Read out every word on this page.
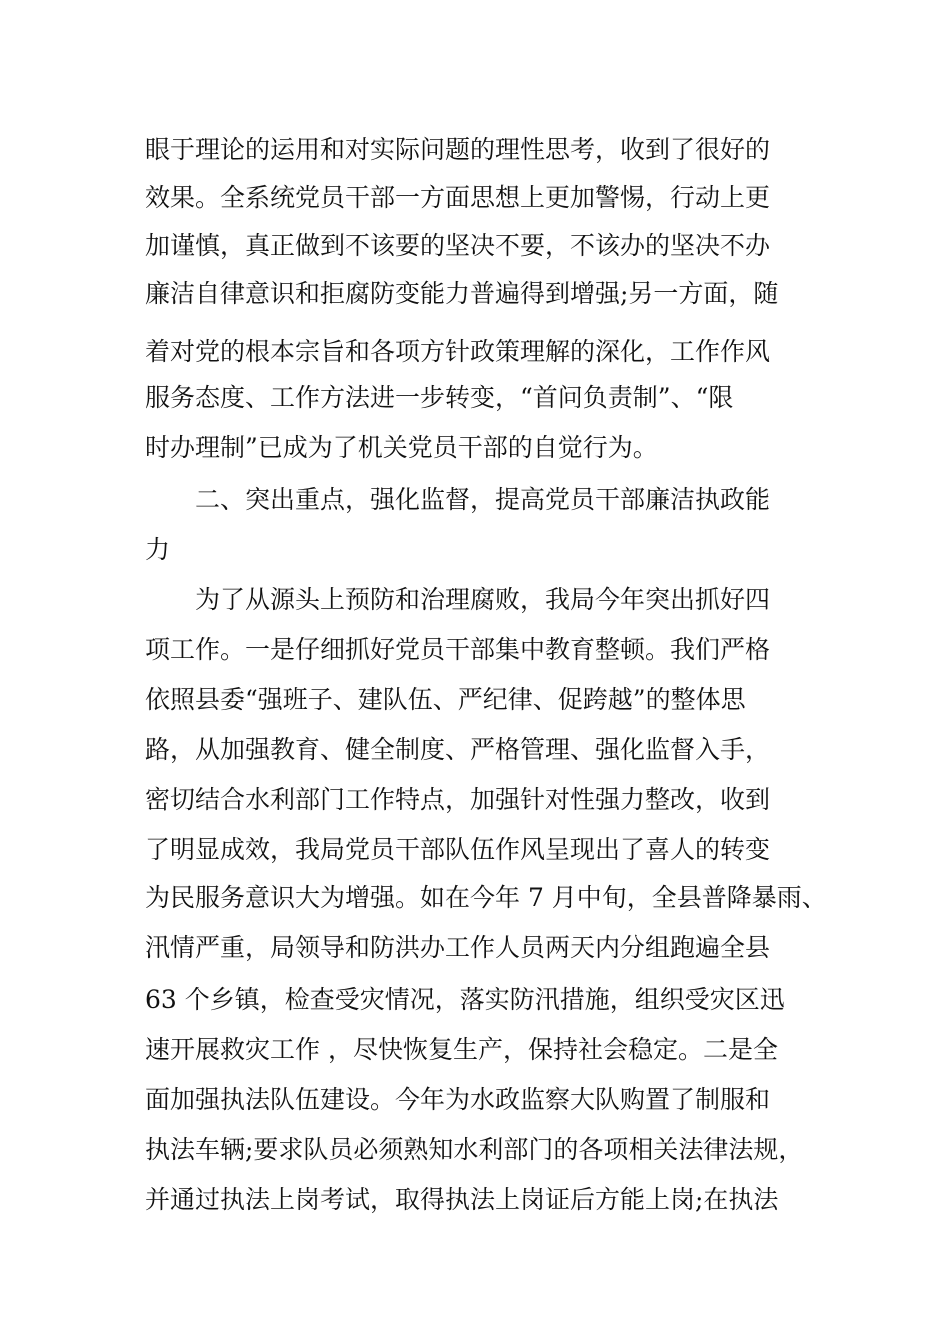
眼于理论的运用和对实际问题的理性思考，收到了很好的
效果。全系统党员干部一方面思想上更加警惕，行动上更
加谨慎，真正做到不该要的坚决不要，不该办的坚决不办
廉洁自律意识和拒腐防变能力普遍得到增强;另一方面，随
着对党的根本宗旨和各项方针政策理解的深化，工作作风
服务态度、工作方法进一步转变，“首问负责制”、“限
时办理制”已成为了机关党员干部的自觉行为。
二、突出重点，强化监督，提高党员干部廉洁执政能
力
为了从源头上预防和治理腐败，我局今年突出抓好四
项工作。一是仔细抓好党员干部集中教育整顿。我们严格
依照县委“强班子、建队伍、严纪律、促跨越”的整体思
路，从加强教育、健全制度、严格管理、强化监督入手，
密切结合水利部门工作特点，加强针对性强力整改，收到
了明显成效，我局党员干部队伍作风呈现出了喜人的转变
为民服务意识大为增强。如在今年 7 月中旬，全县普降暴雨、
汛情严重，局领导和防洪办工作人员两天内分组跑遍全县
63 个乡镇，检查受灾情况，落实防汛措施，组织受灾区迅
速开展救灾工作 ，尽快恢复生产，保持社会稳定。二是全
面加强执法队伍建设。今年为水政监察大队购置了制服和
执法车辆;要求队员必须熟知水利部门的各项相关法律法规，
并通过执法上岗考试，取得执法上岗证后方能上岗;在执法
